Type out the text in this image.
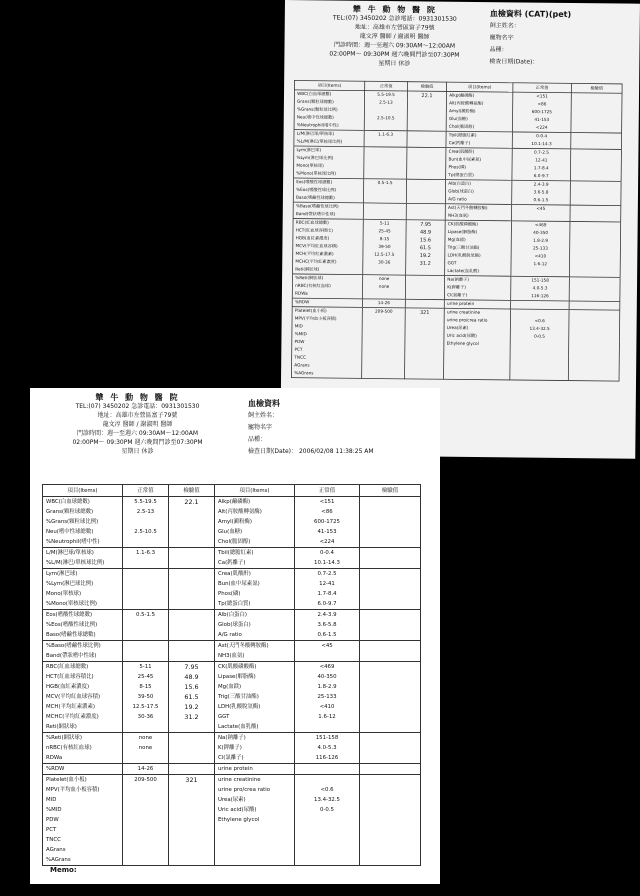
犨 牛 動 物 醫 院
TEL:(07) 3450202 急診電話：0931301530
地址：高雄市左營區富子79號
龍文淳 醫師 / 謝淑明 醫師
門診時間：週一至週六 09:30AM～12:00AM
02:00PM～ 09:30PM 週六晚間門診至07:30PM
星期日 休診
血檢資料 (CAT)(pet)
飼主姓名：
寵物名字
品種：
檢查日期(Date)：
項目(Items)	正常值	檢驗值	項目(Items)	正常值	檢驗值
WBC(白血球總數)	5.5-19.5	22.1	Alkp(鹼磷酶)	<151	
Grans(顆粒球總數)	2.5-13		Alt(丙胺酸轉氨酶)	<86	
%Grans(顆粒球比例)			Amyl(澱粉酶)	600-1725	
Neu(嗜中性球總數)	2.5-10.5		Glu(血糖)	41-153	
%Neutrophil(嗜中性)			Chol(膽固醇)	<224	
L/M(淋巴球/單核球)	1.1-6.3		Tbil(總膽紅素)	0-0.4	
%L/M(淋巴/單核球比例)			Ca(鈣離子)	10.1-14.3	
Lym(淋巴球)			Crea(肌酸酐)	0.7-2.5	
%Lym(淋巴球比例)			Bun(血中尿素氮)	12-41	
Mono(單核球)			Phos(磷)	1.7-8.4	
%Mono(單核球比例)			Tp(總蛋白質)	6.0-9.7	
Eos(嗜酸性球總數)	0.5-1.5		Alb(白蛋白)	2.4-3.9	
%Eos(嗜酸性球比例)			Glob(球蛋白)	3.6-5.8	
Baso(嗜鹼性球總數)			A/G ratio	0.6-1.5	
%Baso(嗜鹼性球比例)			Ast(天門冬酸轉胺酶)	<45	
Band(帶狀嗜中性球)			NH3(血氨)		
RBC(紅血球總數)	5-11	7.95	CK(肌酸磷酸酶)	<469	
HCT(紅血球容積比)	25-45	48.9	Lipase(解脂酶)	40-350	
HGB(血紅素濃度)	8-15	15.6	Mg(血鎂)	1.8-2.9	
MCV(平均紅血球容積)	39-50	61.5	Trig(三酸甘油酯)	25-133	
MCH(平均紅素濃素)	12.5-17.5	19.2	LDH(乳酸脫氫酶)	<410	
MCHC(平均紅素濃度)	30-36	31.2	GGT	1.6-12	
Reti(網狀球)			Lactate(血乳酸)		
%Reti(網狀球)	none		Na(鈉離子)	151-158	
nRBC(有核紅血球)	none		K(鉀離子)	4.0-5.3	
RDWa			Cl(氯離子)	116-126	
%RDW	14-26		urine protein		
Platelet(血小板)	209-500	321	urine creatinine		
MPV(平均血小板容積)			urine pro/crea ratio	<0.6	
MID			Urea(尿素)	13.4-32.5	
%MID			Uric acid(尿酸)	0-0.5	
PDW			Ethylene glycol		
PCT					
TNCC					
AGrans					
%AGrans					
犨 牛 動 物 醫 院
TEL:(07) 3450202 急診電話：0931301530
地址：高雄市左營區富子79號
龍文淳 醫師 / 謝淑明 醫師
門診時間：週一至週六 09:30AM～12:00AM
02:00PM～ 09:30PM 週六晚間門診至07:30PM
星期日 休診
血檢資料
飼主姓名：
寵物名字
品種：
檢查日期(Date)： 2006/02/08 11:38:25 AM
項目(Items)	正常值	檢驗值	項目(Items)	正常值	檢驗值
WBC(白血球總數)	5.5-19.5	22.1	Alkp(鹼磷酶)	<151	
Grans(顆粒球總數)	2.5-13		Alt(丙胺酸轉氨酶)	<86	
%Grans(顆粒球比例)			Amyl(澱粉酶)	600-1725	
Neu(嗜中性球總數)	2.5-10.5		Glu(血糖)	41-153	
%Neutrophil(嗜中性)			Chol(膽固醇)	<224	
L/M(淋巴球/單核球)	1.1-6.3		Tbil(總膽紅素)	0-0.4	
%L/M(淋巴/單核球比例)			Ca(鈣離子)	10.1-14.3	
Lym(淋巴球)			Crea(肌酸酐)	0.7-2.5	
%Lym(淋巴球比例)			Bun(血中尿素氮)	12-41	
Mono(單核球)			Phos(磷)	1.7-8.4	
%Mono(單核球比例)			Tp(總蛋白質)	6.0-9.7	
Eos(嗜酸性球總數)	0.5-1.5		Alb(白蛋白)	2.4-3.9	
%Eos(嗜酸性球比例)			Glob(球蛋白)	3.6-5.8	
Baso(嗜鹼性球總數)			A/G ratio	0.6-1.5	
%Baso(嗜鹼性球比例)			Ast(天門冬酸轉胺酶)	<45	
Band(帶狀嗜中性球)			NH3(血氨)		
RBC(紅血球總數)	5-11	7.95	CK(肌酸磷酸酶)	<469	
HCT(紅血球容積比)	25-45	48.9	Lipase(解脂酶)	40-350	
HGB(血紅素濃度)	8-15	15.6	Mg(血鎂)	1.8-2.9	
MCV(平均紅血球容積)	39-50	61.5	Trig(三酸甘油酯)	25-133	
MCH(平均紅素濃素)	12.5-17.5	19.2	LDH(乳酸脫氫酶)	<410	
MCHC(平均紅素濃度)	30-36	31.2	GGT	1.6-12	
Reti(網狀球)			Lactate(血乳酸)		
%Reti(網狀球)	none		Na(鈉離子)	151-158	
nRBC(有核紅血球)	none		K(鉀離子)	4.0-5.3	
RDWa			Cl(氯離子)	116-126	
%RDW	14-26		urine protein		
Platelet(血小板)	209-500	321	urine creatinine		
MPV(平均血小板容積)			urine pro/crea ratio	<0.6	
MID			Urea(尿素)	13.4-32.5	
%MID			Uric acid(尿酸)	0-0.5	
PDW			Ethylene glycol		
PCT					
TNCC					
AGrans					
%AGrans					
Memo:
